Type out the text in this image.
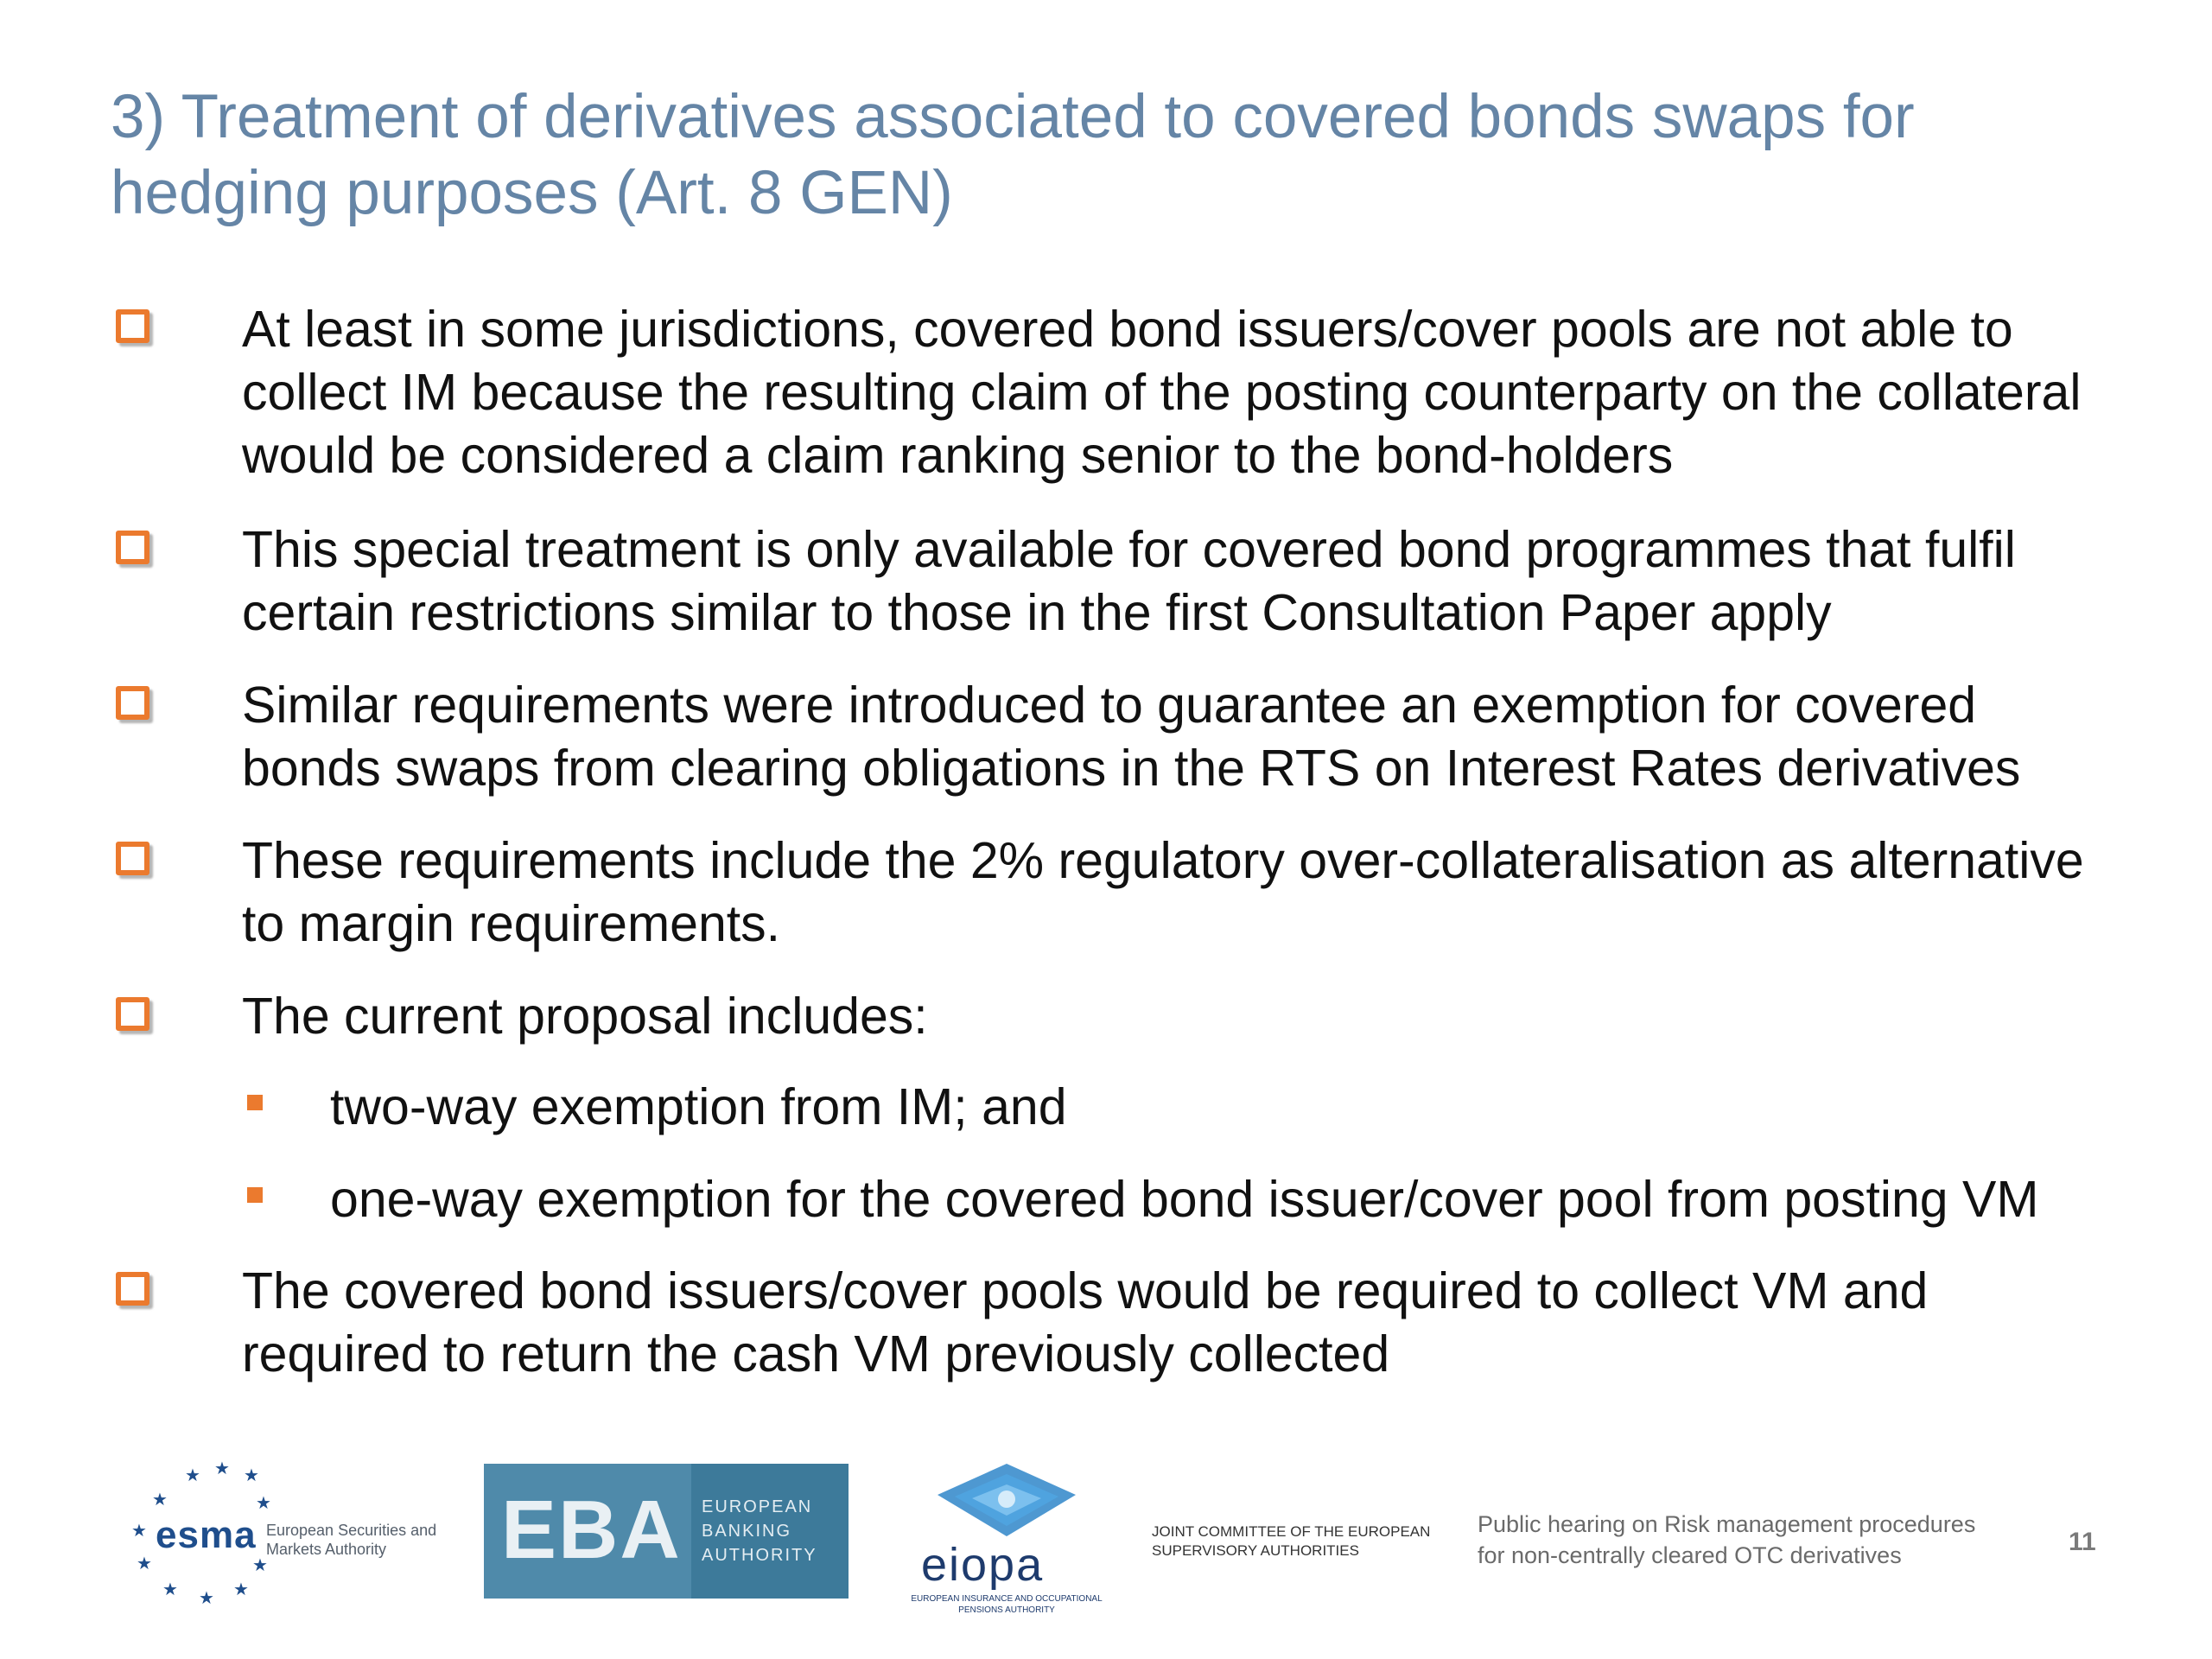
3) Treatment of derivatives associated to covered bonds swaps for hedging purposes (Art. 8 GEN)
At least in some jurisdictions, covered bond issuers/cover pools are not able to collect IM because the resulting claim of the posting counterparty on the collateral would be considered a claim ranking senior to the bond-holders
This special treatment is only available for covered bond programmes that fulfil certain restrictions similar to those in the first Consultation Paper apply
Similar requirements were introduced to guarantee an exemption for covered bonds swaps from clearing obligations in the RTS on Interest Rates derivatives
These requirements include the 2% regulatory over-collateralisation as alternative to margin requirements.
The current proposal includes:
two-way exemption from IM; and
one-way exemption for the covered bond issuer/cover pool from posting VM
The covered bond issuers/cover pools would be required to collect VM and required to return the cash VM previously collected
★ ★ ★
★
★
★
★ ★ ★
★
★
esma European Securities and Markets Authority	EBA EUROPEAN
BANKING
AUTHORITY	eiopa
EUROPEAN INSURANCE AND OCCUPATIONAL PENSIONS AUTHORITY
JOINT COMMITTEE OF THE EUROPEAN SUPERVISORY AUTHORITIES
Public hearing on Risk management procedures
for non-centrally cleared OTC derivatives	11
